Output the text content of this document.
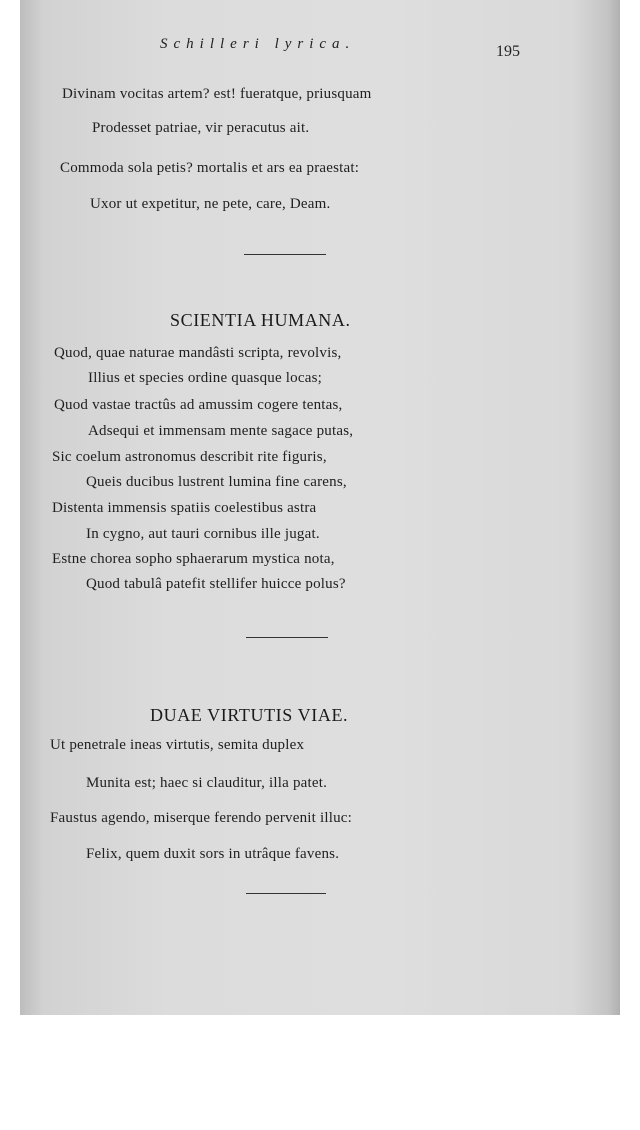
Schilleri lyrica.	195
Divinam vocitas artem? est! fueratque, priusquam
Prodesset patriae, vir peracutus ait.
Commoda sola petis? mortalis et ars ea praestat:
Uxor ut expetitur, ne pete, care, Deam.
SCIENTIA HUMANA.
Quod, quae naturae mandâsti scripta, revolvis,
Illius et species ordine quasque locas;
Quod vastae tractûs ad amussim cogere tentas,
Adsequi et immensam mente sagace putas,
Sic coelum astronomus describit rite figuris,
Queis ducibus lustrent lumina fine carens,
Distenta immensis spatiis coelestibus astra
In cygno, aut tauri cornibus ille jugat.
Estne chorea sopho sphaerarum mystica nota,
Quod tabulâ patefit stellifer huicce polus?
DUAE VIRTUTIS VIAE.
Ut penetrale ineas virtutis, semita duplex
Munita est; haec si clauditur, illa patet.
Faustus agendo, miserque ferendo pervenit illuc:
Felix, quem duxit sors in utrâque favens.
